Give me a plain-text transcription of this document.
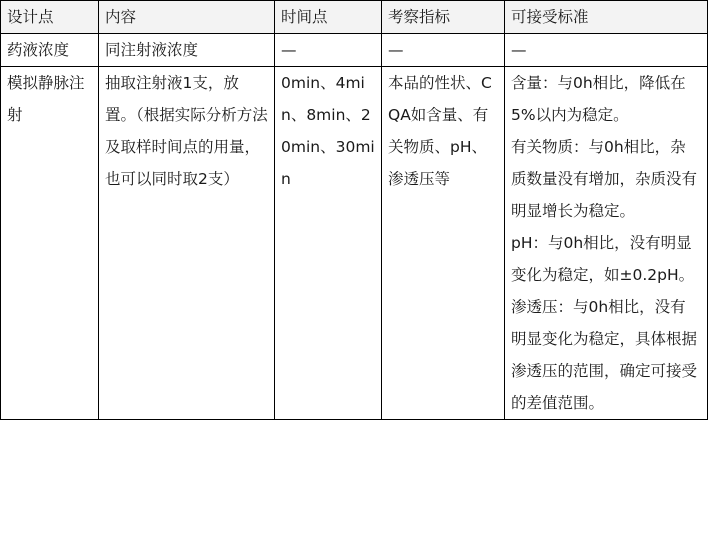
设计点	内容	时间点	考察指标	可接受标准
药液浓度	同注射液浓度	—	—	—
模拟静脉注射	抽取注射液1支，放置。（根据实际分析方法及取样时间点的用量，也可以同时取2支）	0min、4min、8min、20min、30min	本品的性状、CQA如含量、有关物质、pH、渗透压等	含量：与0h相比，降低在5%以内为稳定。
有关物质：与0h相比，杂质数量没有增加，杂质没有明显增长为稳定。
pH：与0h相比，没有明显变化为稳定，如±0.2pH。
渗透压：与0h相比，没有明显变化为稳定，具体根据渗透压的范围，确定可接受的差值范围。
